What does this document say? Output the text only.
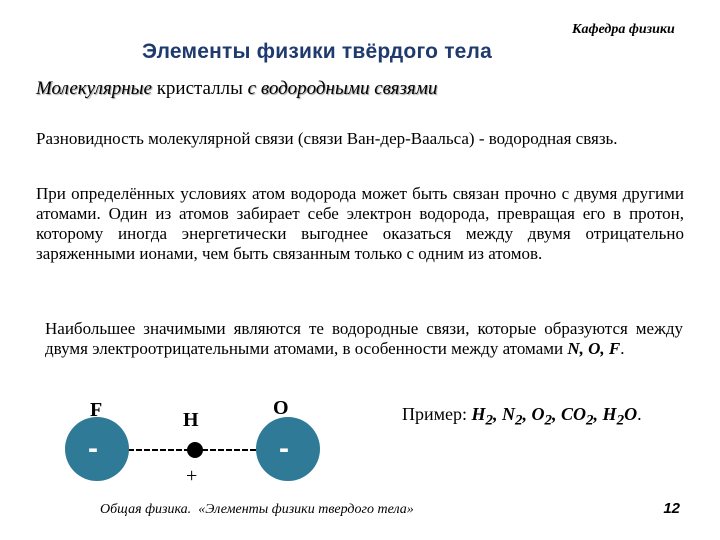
Кафедра физики
Элементы физики твёрдого тела
Молекулярные кристаллы с водородными связями
Разновидность молекулярной связи (связи Ван-дер-Ваальса) - водородная связь.
При определённых условиях атом водорода может быть связан прочно с двумя другими атомами. Один из атомов забирает себе электрон водорода, превращая его в протон, которому иногда энергетически выгоднее оказаться между двумя отрицательно заряженными ионами, чем быть связанным только с одним из атомов.
Наибольшее значимыми являются те водородные связи, которые образуются между двумя электроотрицательными атомами, в особенности между атомами N, O, F.
F	H
O
-	-
+
Пример: $H_2$, $N_2$, $O_2$, $CO_2$, $H_2O$.
Общая физика. «Элементы физики твердого тела»	12
